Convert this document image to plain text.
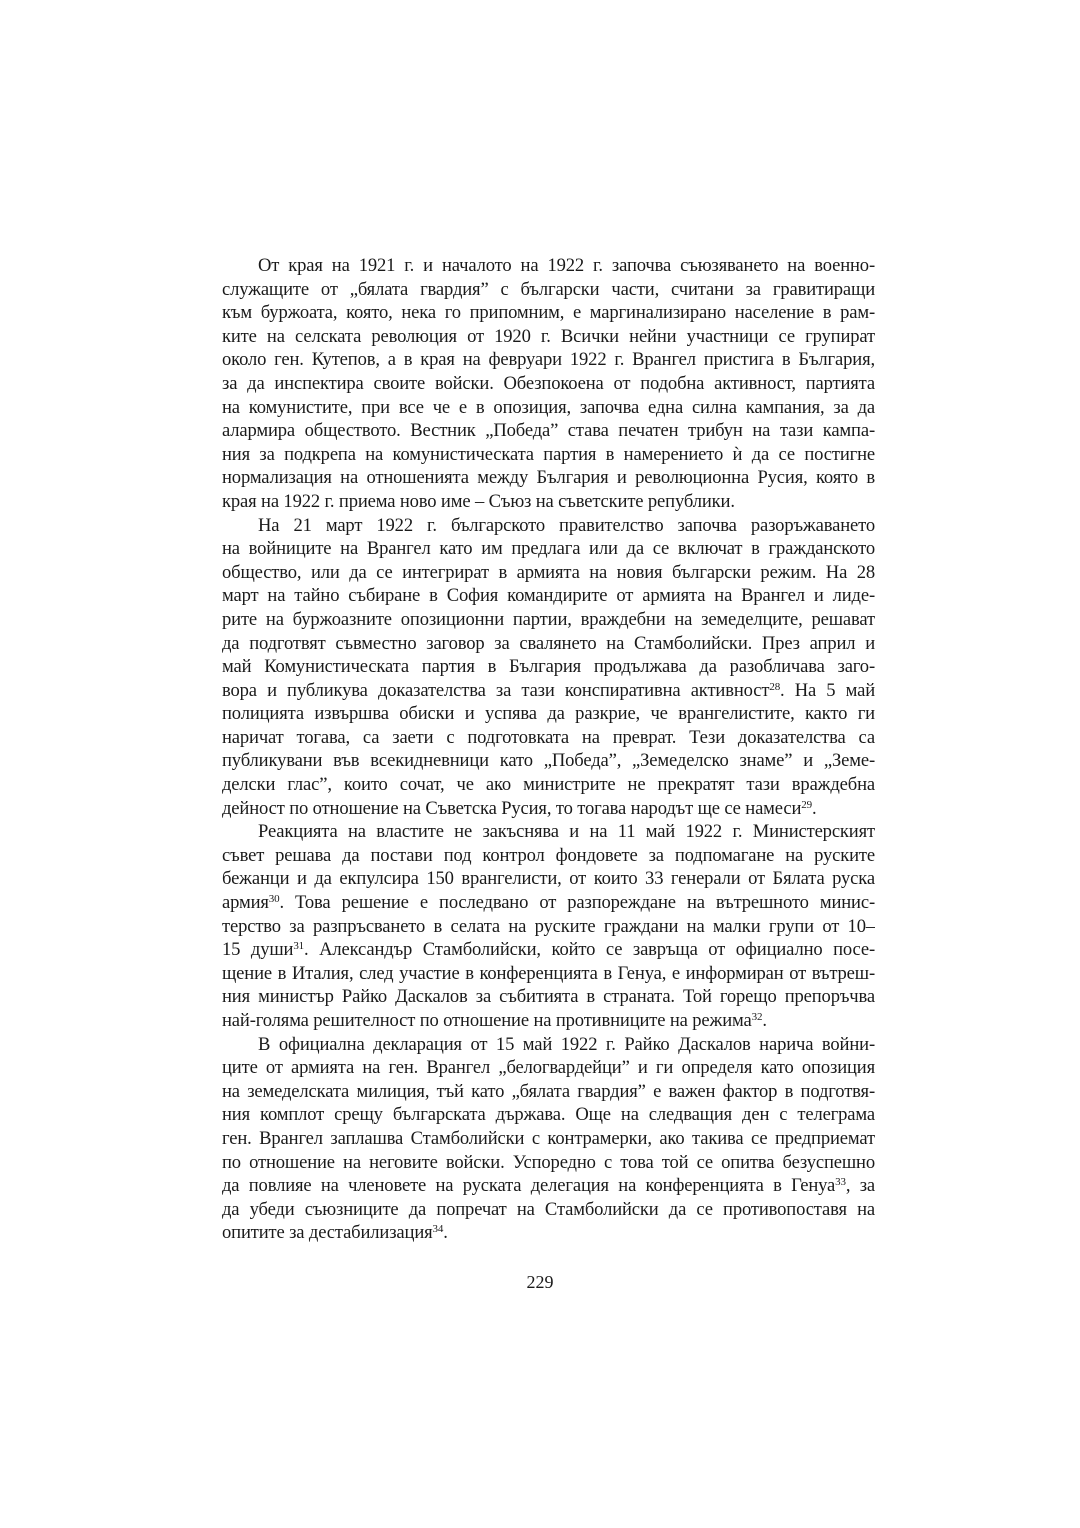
От края на 1921 г. и началото на 1922 г. започва съюзяването на военно-
служащите от „бялата гвардия” с български части, считани за гравитиращи
към буржоата, която, нека го припомним, е маргинализирано население в рам-
ките на селската революция от 1920 г. Всички нейни участници се групират
около ген. Кутепов, а в края на февруари 1922 г. Врангел пристига в България,
за да инспектира своите войски. Обезпокоена от подобна активност, партията
на комунистите, при все че е в опозиция, започва една силна кампания, за да
алармира обществото. Вестник „Победа” става печатен трибун на тази кампа-
ния за подкрепа на комунистическата партия в намерението ѝ да се постигне
нормализация на отношенията между България и революционна Русия, която в
края на 1922 г. приема ново име – Съюз на съветските републики.
На 21 март 1922 г. българското правителство започва разоръжаването
на войниците на Врангел като им предлага или да се включат в гражданското
общество, или да се интегрират в армията на новия български режим. На 28
март на тайно събиране в София командирите от армията на Врангел и лиде-
рите на буржоазните опозиционни партии, враждебни на земеделците, решават
да подготвят съвместно заговор за свалянето на Стамболийски. През април и
май Комунистическата партия в България продължава да разобличава заго-
вора и публикува доказателства за тази конспиративна активност$^{28}$. На 5 май
полицията извършва обиски и успява да разкрие, че врангелистите, както ги
наричат тогава, са заети с подготовката на преврат. Тези доказателства са
публикувани във всекидневници като „Победа”, „Земеделско знаме” и „Земе-
делски глас”, които сочат, че ако министрите не прекратят тази враждебна
дейност по отношение на Съветска Русия, то тогава народът ще се намеси$^{29}$.
Реакцията на властите не закъснява и на 11 май 1922 г. Министерският
съвет решава да постави под контрол фондовете за подпомагане на руските
бежанци и да екпулсира 150 врангелисти, от които 33 генерали от Бялата руска
армия$^{30}$. Това решение е последвано от разпореждане на вътрешното минис-
терство за разпръсването в селата на руските граждани на малки групи от 10–
15 души$^{31}$. Александър Стамболийски, който се завръща от официално посе-
щение в Италия, след участие в конференцията в Генуа, е информиран от вътреш-
ния министър Райко Даскалов за събитията в страната. Той горещо препоръчва
най-голяма решителност по отношение на противниците на режима$^{32}$.
В официална декларация от 15 май 1922 г. Райко Даскалов нарича войни-
ците от армията на ген. Врангел „белогвардейци” и ги определя като опозиция
на земеделската милиция, тъй като „бялата гвардия” е важен фактор в подготвя-
ния комплот срещу българската държава. Още на следващия ден с телеграма
ген. Врангел заплашва Стамболийски с контрамерки, ако такива се предприемат
по отношение на неговите войски. Успоредно с това той се опитва безуспешно
да повлияе на членовете на руската делегация на конференцията в Генуа$^{33}$, за
да убеди съюзниците да попречат на Стамболийски да се противопоставя на
опитите за дестабилизация$^{34}$.
229
